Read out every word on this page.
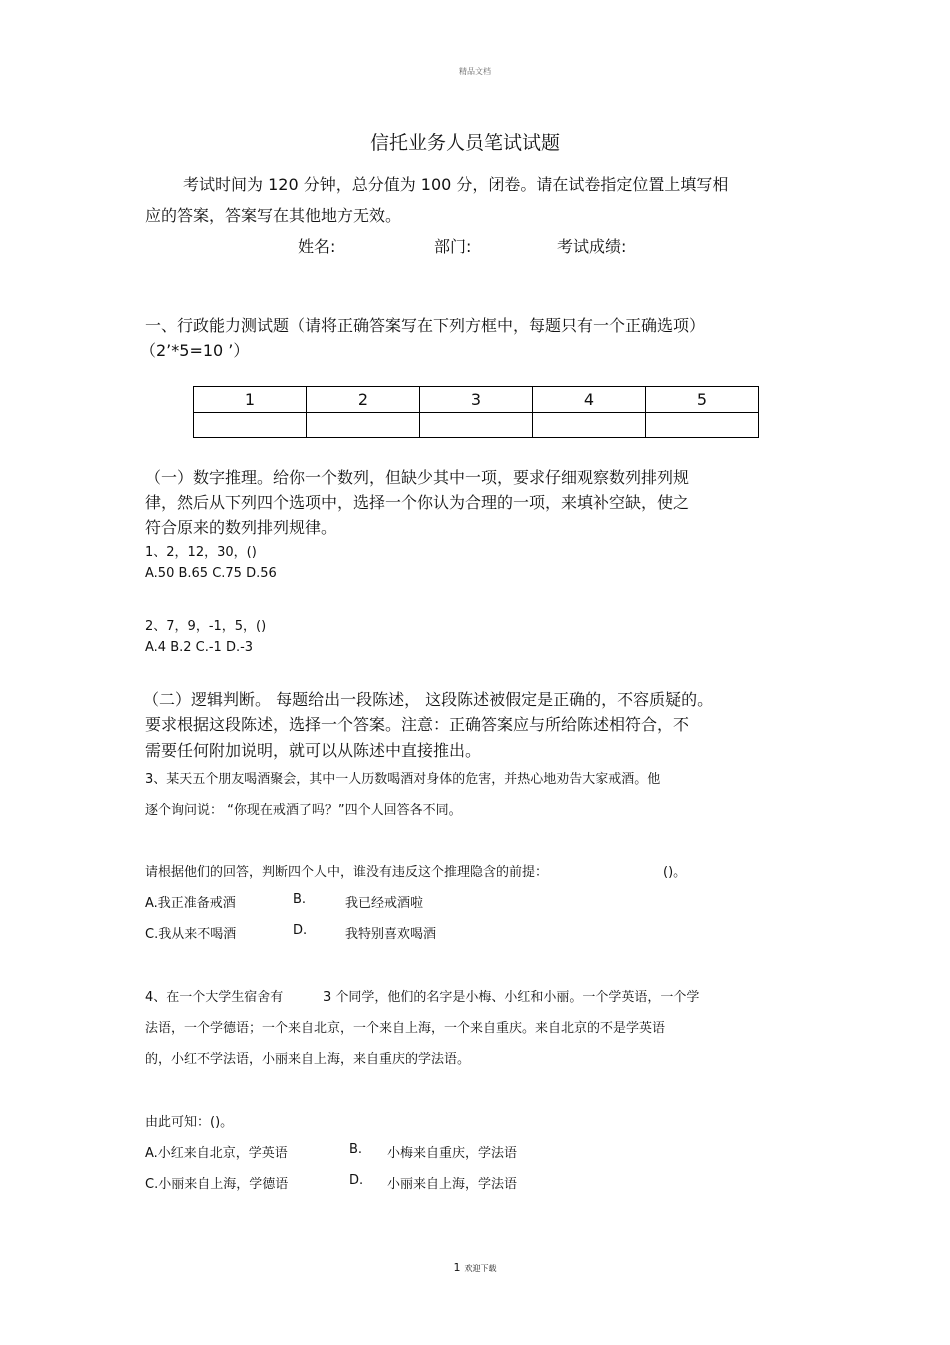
精品文档
信托业务人员笔试试题
考试时间为 120 分钟，总分值为 100 分，闭卷。请在试卷指定位置上填写相
应的答案，答案写在其他地方无效。
姓名:	部门:	考试成绩:
一、行政能力测试题（请将正确答案写在下列方框中，每题只有一个正确选项）
（2’*5=10 ’）
1	2	3	4	5

（一）数字推理。给你一个数列，但缺少其中一项，要求仔细观察数列排列规
律，然后从下列四个选项中，选择一个你认为合理的一项，来填补空缺，使之
符合原来的数列排列规律。
1、2，12，30，()
A.50 B.65 C.75 D.56
2、7，9，-1，5，()
A.4 B.2 C.-1 D.-3
（二）逻辑判断。 每题给出一段陈述， 这段陈述被假定是正确的，不容质疑的。
要求根据这段陈述，选择一个答案。注意：正确答案应与所给陈述相符合，不
需要任何附加说明，就可以从陈述中直接推出。
3、某天五个朋友喝酒聚会，其中一人历数喝酒对身体的危害，并热心地劝告大家戒酒。他
逐个询问说： “你现在戒酒了吗？”四个人回答各不同。
请根据他们的回答，判断四个人中，谁没有违反这个推理隐含的前提：	()。
A.我正准备戒酒	B.	我已经戒酒啦
C.我从来不喝酒	D.	我特别喜欢喝酒
4、在一个大学生宿舍有	3 个同学，他们的名字是小梅、小红和小丽。一个学英语，一个学
法语，一个学德语；一个来自北京，一个来自上海，一个来自重庆。来自北京的不是学英语
的，小红不学法语，小丽来自上海，来自重庆的学法语。
由此可知：()。
A.小红来自北京，学英语	B. 小梅来自重庆，学法语
C.小丽来自上海，学德语	D. 小丽来自上海，学法语
1 欢迎下载
